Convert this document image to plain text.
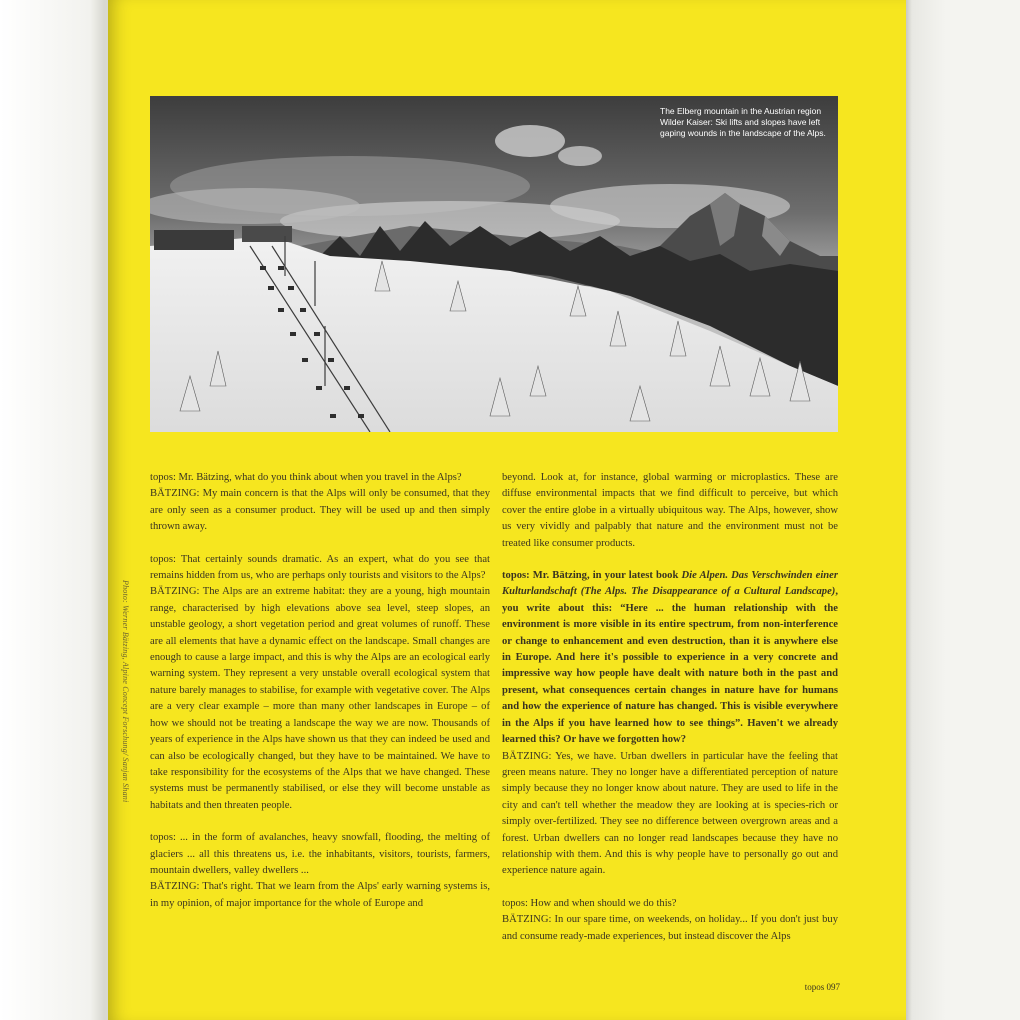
The Elberg mountain in the Austrian region Wilder Kaiser: Ski lifts and slopes have left gaping wounds in the landscape of the Alps.
Photo: Werner Bätzing, Alpine Concept Forschung/ Sanjan Shani

topos: Mr. Bätzing, what do you think about when you travel in the Alps?

BÄTZING: My main concern is that the Alps will only be consumed, that they are only seen as a consumer product. They will be used up and then simply thrown away.

topos: That certainly sounds dramatic. As an expert, what do you see that remains hidden from us, who are perhaps only tourists and visitors to the Alps?

BÄTZING: The Alps are an extreme habitat: they are a young, high mountain range, characterised by high elevations above sea level, steep slopes, an unstable geology, a short vegetation period and great volumes of runoff. These are all elements that have a dynamic effect on the landscape. Small changes are enough to cause a large impact, and this is why the Alps are an ecological early warning system. They represent a very unstable overall ecological system that nature barely manages to stabilise, for example with vegetative cover. The Alps are a very clear example – more than many other landscapes in Europe – of how we should not be treating a landscape the way we are now. Thousands of years of experience in the Alps have shown us that they can indeed be used and can also be ecologically changed, but they have to be maintained. We have to take responsibility for the ecosystems of the Alps that we have changed. These systems must be permanently stabilised, or else they will become unstable as habitats and then threaten people.

topos: ... in the form of avalanches, heavy snowfall, flooding, the melting of glaciers ... all this threatens us, i.e. the inhabitants, visitors, tourists, farmers, mountain dwellers, valley dwellers ...

BÄTZING: That's right. That we learn from the Alps' early warning systems is, in my opinion, of major importance for the whole of Europe and

beyond. Look at, for instance, global warming or microplastics. These are diffuse environmental impacts that we find difficult to perceive, but which cover the entire globe in a virtually ubiquitous way. The Alps, however, show us very vividly and palpably that nature and the environment must not be treated like consumer products.

topos: Mr. Bätzing, in your latest book Die Alpen. Das Verschwinden einer Kulturlandschaft (The Alps. The Disappearance of a Cultural Landscape), you write about this: “Here ... the human relationship with the environment is more visible in its entire spectrum, from non-interference or change to enhancement and even destruction, than it is anywhere else in Europe. And here it's possible to experience in a very concrete and impressive way how people have dealt with nature both in the past and present, what consequences certain changes in nature have for humans and how the experience of nature has changed. This is visible everywhere in the Alps if you have learned how to see things”. Haven't we already learned this? Or have we forgotten how?

BÄTZING: Yes, we have. Urban dwellers in particular have the feeling that green means nature. They no longer have a differentiated perception of nature simply because they no longer know about nature. They are used to life in the city and can't tell whether the meadow they are looking at is species-rich or simply over-fertilized. They see no difference between overgrown areas and a forest. Urban dwellers can no longer read landscapes because they have no relationship with them. And this is why people have to personally go out and experience nature again.

topos: How and when should we do this?

BÄTZING: In our spare time, on weekends, on holiday... If you don't just buy and consume ready-made experiences, but instead discover the Alps

topos 097
